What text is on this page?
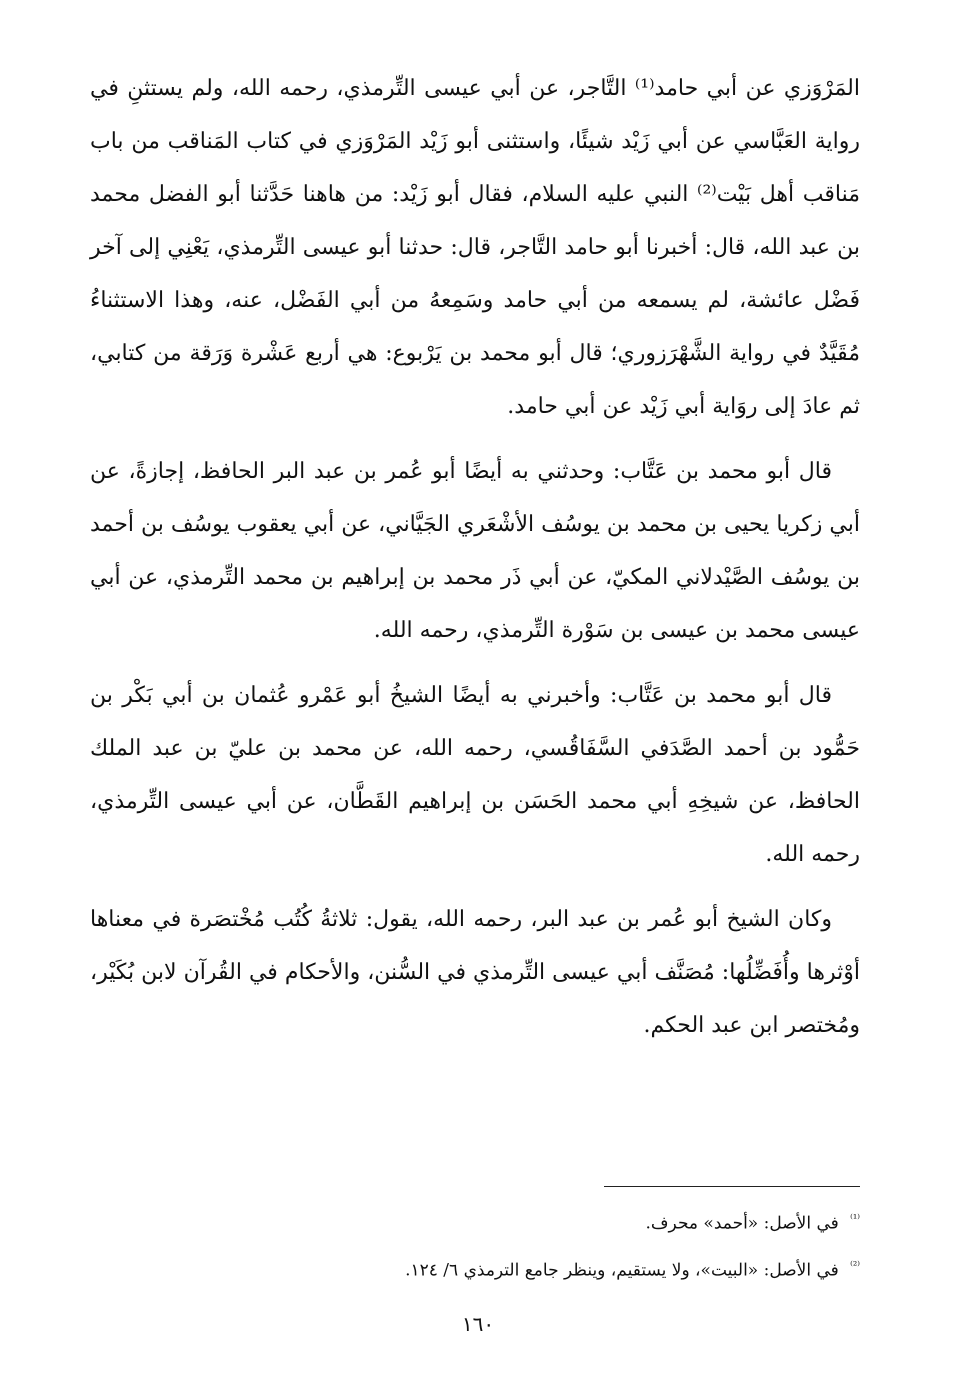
المَرْوَزي عن أبي حامد⁽¹⁾ التَّاجر، عن أبي عيسى التِّرمذي، رحمه الله، ولم يستثنِ في رواية العَبَّاسي عن أبي زَيْد شيئًا، واستثنى أبو زَيْد المَرْوَزي في كتاب المَناقب من باب مَناقب أهل بَيْت⁽²⁾ النبي عليه السلام، فقال أبو زَيْد: من هاهنا حَدَّثنا أبو الفضل محمد بن عبد الله، قال: أخبرنا أبو حامد التَّاجر، قال: حدثنا أبو عيسى التِّرمذي، يَعْنِي إلى آخر فَضْل عائشة، لم يسمعه من أبي حامد وسَمِعهُ من أبي الفَضْل، عنه، وهذا الاستثناءُ مُقَيَّدٌ في رواية الشَّهْرَزوري؛ قال أبو محمد بن يَرْبوع: هي أربع عَشْرة وَرَقة من كتابي، ثم عادَ إلى روَاية أبي زَيْد عن أبي حامد.

قال أبو محمد بن عَتَّاب: وحدثني به أيضًا أبو عُمر بن عبد البر الحافظ، إجازةً، عن أبي زكريا يحيى بن محمد بن يوسُف الأشْعَري الجَيَّاني، عن أبي يعقوب يوسُف بن أحمد بن يوسُف الصَّيْدلاني المكيّ، عن أبي ذَر محمد بن إبراهيم بن محمد التِّرمذي، عن أبي عيسى محمد بن عيسى بن سَوْرة التِّرمذي، رحمه الله.

قال أبو محمد بن عَتَّاب: وأخبرني به أيضًا الشيخُ أبو عَمْرو عُثمان بن أبي بَكْر بن حَمُّود بن أحمد الصَّدَفي السَّفَاقُسي، رحمه الله، عن محمد بن عليّ بن عبد الملك الحافظ، عن شيخِهِ أبي محمد الحَسَن بن إبراهيم القَطَّان، عن أبي عيسى التِّرمذي، رحمه الله.

وكان الشيخ أبو عُمر بن عبد البر، رحمه الله، يقول: ثلاثةُ كُتُب مُخْتصَرة في معناها أوْثرها وأُفَضِّلُها: مُصَنَّف أبي عيسى التِّرمذي في السُّنن، والأحكام في القُرآن لابن بُكَيْر، ومُختصر ابن عبد الحكم.

$^{^{(1)}}$ في الأصل: «أحمد» محرف.

$^{^{(2)}}$ في الأصل: «البيت»، ولا يستقيم، وينظر جامع الترمذي ٦/ ١٢٤.

١٦٠
